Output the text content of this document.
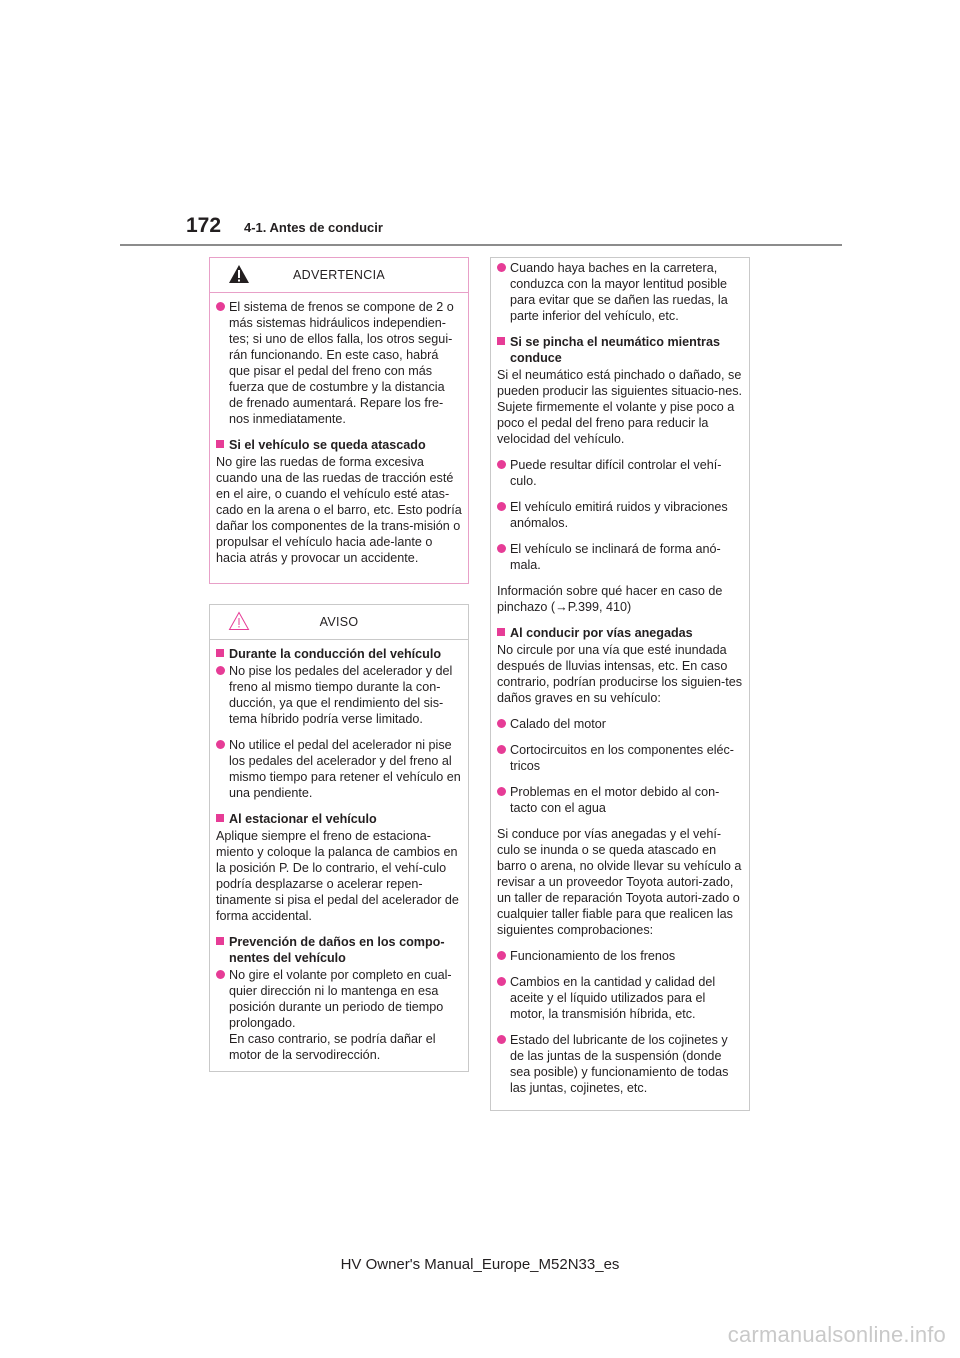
172 4-1. Antes de conducir
ADVERTENCIA
El sistema de frenos se compone de 2 o más sistemas hidráulicos independien-tes; si uno de ellos falla, los otros segui-rán funcionando. En este caso, habrá que pisar el pedal del freno con más fuerza que de costumbre y la distancia de frenado aumentará. Repare los fre-nos inmediatamente.
Si el vehículo se queda atascado
No gire las ruedas de forma excesiva cuando una de las ruedas de tracción esté en el aire, o cuando el vehículo esté atas-cado en la arena o el barro, etc. Esto podría dañar los componentes de la trans-misión o propulsar el vehículo hacia ade-lante o hacia atrás y provocar un accidente.
AVISO
Durante la conducción del vehículo
No pise los pedales del acelerador y del freno al mismo tiempo durante la con-ducción, ya que el rendimiento del sis-tema híbrido podría verse limitado.
No utilice el pedal del acelerador ni pise los pedales del acelerador y del freno al mismo tiempo para retener el vehículo en una pendiente.
Al estacionar el vehículo
Aplique siempre el freno de estaciona-miento y coloque la palanca de cambios en la posición P. De lo contrario, el vehí-culo podría desplazarse o acelerar repen-tinamente si pisa el pedal del acelerador de forma accidental.
Prevención de daños en los compo-nentes del vehículo
No gire el volante por completo en cual-quier dirección ni lo mantenga en esa posición durante un periodo de tiempo prolongado.
En caso contrario, se podría dañar el motor de la servodirección.
Cuando haya baches en la carretera, conduzca con la mayor lentitud posible para evitar que se dañen las ruedas, la parte inferior del vehículo, etc.
Si se pincha el neumático mientras conduce
Si el neumático está pinchado o dañado, se pueden producir las siguientes situacio-nes. Sujete firmemente el volante y pise poco a poco el pedal del freno para reducir la velocidad del vehículo.
Puede resultar difícil controlar el vehí-culo.
El vehículo emitirá ruidos y vibraciones anómalos.
El vehículo se inclinará de forma anó-mala.
Información sobre qué hacer en caso de pinchazo (→P.399, 410)
Al conducir por vías anegadas
No circule por una vía que esté inundada después de lluvias intensas, etc. En caso contrario, podrían producirse los siguien-tes daños graves en su vehículo:
Calado del motor
Cortocircuitos en los componentes eléc-tricos
Problemas en el motor debido al con-tacto con el agua
Si conduce por vías anegadas y el vehí-culo se inunda o se queda atascado en barro o arena, no olvide llevar su vehículo a revisar a un proveedor Toyota autori-zado, un taller de reparación Toyota autori-zado o cualquier taller fiable para que realicen las siguientes comprobaciones:
Funcionamiento de los frenos
Cambios en la cantidad y calidad del aceite y el líquido utilizados para el motor, la transmisión híbrida, etc.
Estado del lubricante de los cojinetes y de las juntas de la suspensión (donde sea posible) y funcionamiento de todas las juntas, cojinetes, etc.
HV Owner's Manual_Europe_M52N33_es
carmanualsonline.info
